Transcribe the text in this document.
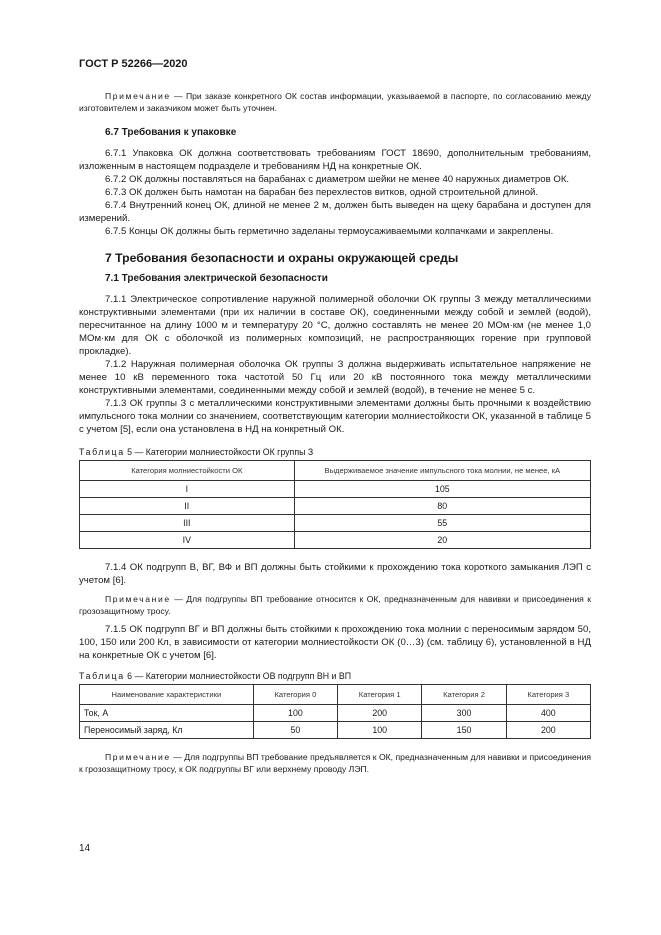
ГОСТ Р 52266—2020

Примечание — При заказе конкретного ОК состав информации, указываемой в паспорте, по согласованию между изготовителем и заказчиком может быть уточнен.

6.7 Требования к упаковке

6.7.1 Упаковка ОК должна соответствовать требованиям ГОСТ 18690, дополнительным требованиям, изложенным в настоящем подразделе и требованиям НД на конкретные ОК.

6.7.2 ОК должны поставляться на барабанах с диаметром шейки не менее 40 наружных диаметров ОК.

6.7.3 ОК должен быть намотан на барабан без перехлестов витков, одной строительной длиной.

6.7.4 Внутренний конец ОК, длиной не менее 2 м, должен быть выведен на щеку барабана и доступен для измерений.

6.7.5 Концы ОК должны быть герметично заделаны термоусаживаемыми колпачками и закреплены.

7 Требования безопасности и охраны окружающей среды
7.1 Требования электрической безопасности

7.1.1 Электрическое сопротивление наружной полимерной оболочки ОК группы З между металлическими конструктивными элементами (при их наличии в составе ОК), соединенными между собой и землей (водой), пересчитанное на длину 1000 м и температуру 20 °С, должно составлять не менее 20 МОм·км (не менее 1,0 МОм·км для ОК с оболочкой из полимерных композиций, не распространяющих горение при групповой прокладке).

7.1.2 Наружная полимерная оболочка ОК группы З должна выдерживать испытательное напряжение не менее 10 кВ переменного тока частотой 50 Гц или 20 кВ постоянного тока между металлическими конструктивными элементами, соединенными между собой и землей (водой), в течение не менее 5 с.

7.1.3 ОК группы З с металлическими конструктивными элементами должны быть прочными к воздействию импульсного тока молнии со значением, соответствующим категории молниестойкости ОК, указанной в таблице 5 с учетом [5], если она установлена в НД на конкретный ОК.

Таблица 5 — Категории молниестойкости ОК группы З

Категория молниестойкости ОК	Выдерживаемое значение импульсного тока молнии, не менее, кА
I	105
II	80
III	55
IV	20

7.1.4 ОК подгрупп В, ВГ, ВФ и ВП должны быть стойкими к прохождению тока короткого замыкания ЛЭП с учетом [6].

Примечание — Для подгруппы ВП требование относится к ОК, предназначенным для навивки и присоединения к грозозащитному тросу.

7.1.5 ОК подгрупп ВГ и ВП должны быть стойкими к прохождению тока молнии с переносимым зарядом 50, 100, 150 или 200 Кл, в зависимости от категории молниестойкости ОК (0…3) (см. таблицу 6), установленной в НД на конкретные ОК с учетом [6].

Таблица 6 — Категории молниестойкости ОВ подгрупп ВН и ВП

Наименование характеристики	Категория 0	Категория 1	Категория 2	Категория 3
Ток, А	100	200	300	400
Переносимый заряд, Кл	50	100	150	200

Примечание — Для подгруппы ВП требование предъявляется к ОК, предназначенным для навивки и присоединения к грозозащитному тросу, к ОК подгруппы ВГ или верхнему проводу ЛЭП.

14
